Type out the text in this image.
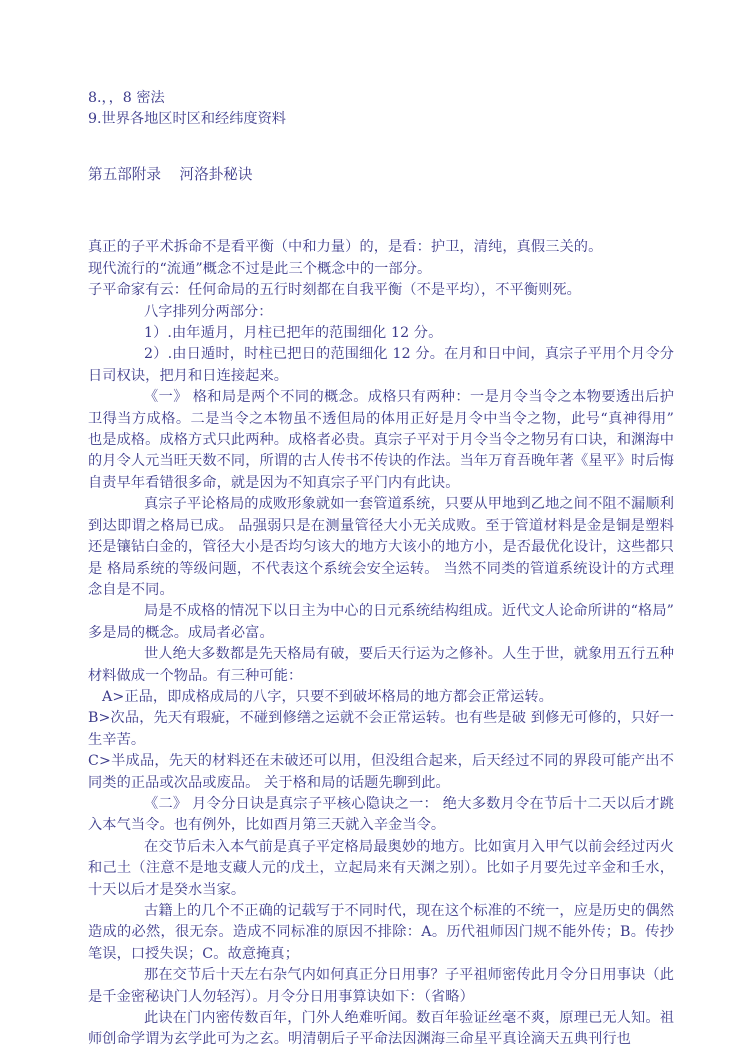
8.，，8 密法
9.世界各地区时区和经纬度资料
第五部附录    河洛卦秘诀

真正的子平术拆命不是看平衡（中和力量）的，是看：护卫，清纯，真假三关的。

现代流行的“流通”概念不过是此三个概念中的一部分。

子平命家有云：任何命局的五行时刻都在自我平衡（不是平均），不平衡则死。

八字排列分两部分：

1）.由年遁月，月柱已把年的范围细化 12 分。

2）.由日遁时，时柱已把日的范围细化 12 分。在月和日中间，真宗子平用个月令分日司权诀，把月和日连接起来。

《一》 格和局是两个不同的概念。成格只有两种：一是月令当令之本物要透出后护卫得当方成格。二是当令之本物虽不透但局的体用正好是月令中当令之物，此号“真神得用”也是成格。成格方式只此两种。成格者必贵。真宗子平对于月令当令之物另有口诀，和渊海中的月令人元当旺天数不同，所谓的古人传书不传诀的作法。当年万育吾晚年著《星平》时后悔自责早年看错很多命，就是因为不知真宗子平门内有此诀。

真宗子平论格局的成败形象就如一套管道系统，只要从甲地到乙地之间不阻不漏顺利到达即谓之格局已成。 品强弱只是在测量管径大小无关成败。至于管道材料是金是铜是塑料还是镶钻白金的，管径大小是否均匀该大的地方大该小的地方小，是否最优化设计，这些都只是 格局系统的等级问题，不代表这个系统会安全运转。 当然不同类的管道系统设计的方式理念自是不同。

局是不成格的情况下以日主为中心的日元系统结构组成。近代文人论命所讲的“格局”多是局的概念。成局者必富。

世人绝大多数都是先天格局有破，要后天行运为之修补。人生于世，就象用五行五种材料做成一个物品。有三种可能：

A>正品，即成格成局的八字，只要不到破坏格局的地方都会正常运转。

B>次品，先天有瑕疵，不碰到修缮之运就不会正常运转。也有些是破 到修无可修的，只好一生辛苦。

C>半成品，先天的材料还在未破还可以用，但没组合起来，后天经过不同的界段可能产出不同类的正品或次品或废品。 关于格和局的话题先聊到此。

《二》 月令分日诀是真宗子平核心隐诀之一： 绝大多数月令在节后十二天以后才跳入本气当令。也有例外，比如酉月第三天就入辛金当令。

在交节后未入本气前是真子平定格局最奥妙的地方。比如寅月入甲气以前会经过丙火和己土（注意不是地支藏人元的戊土，立起局来有天渊之别）。比如子月要先过辛金和壬水，十天以后才是癸水当家。

古籍上的几个不正确的记载写于不同时代，现在这个标准的不统一，应是历史的偶然造成的必然，很无奈。造成不同标准的原因不排除：A。历代祖师因门规不能外传；B。传抄笔误，口授失误；C。故意掩真；

那在交节后十天左右杂气内如何真正分日用事？子平祖师密传此月令分日用事诀（此是千金密秘诀门人勿轻泻）。月令分日用事算诀如下：（省略）

此诀在门内密传数百年，门外人绝难听闻。数百年验证丝毫不爽，原理已无人知。祖师创命学谓为玄学此可为之玄。明清朝后子平命法因渊海三命星平真诠滴天五典刊行也
